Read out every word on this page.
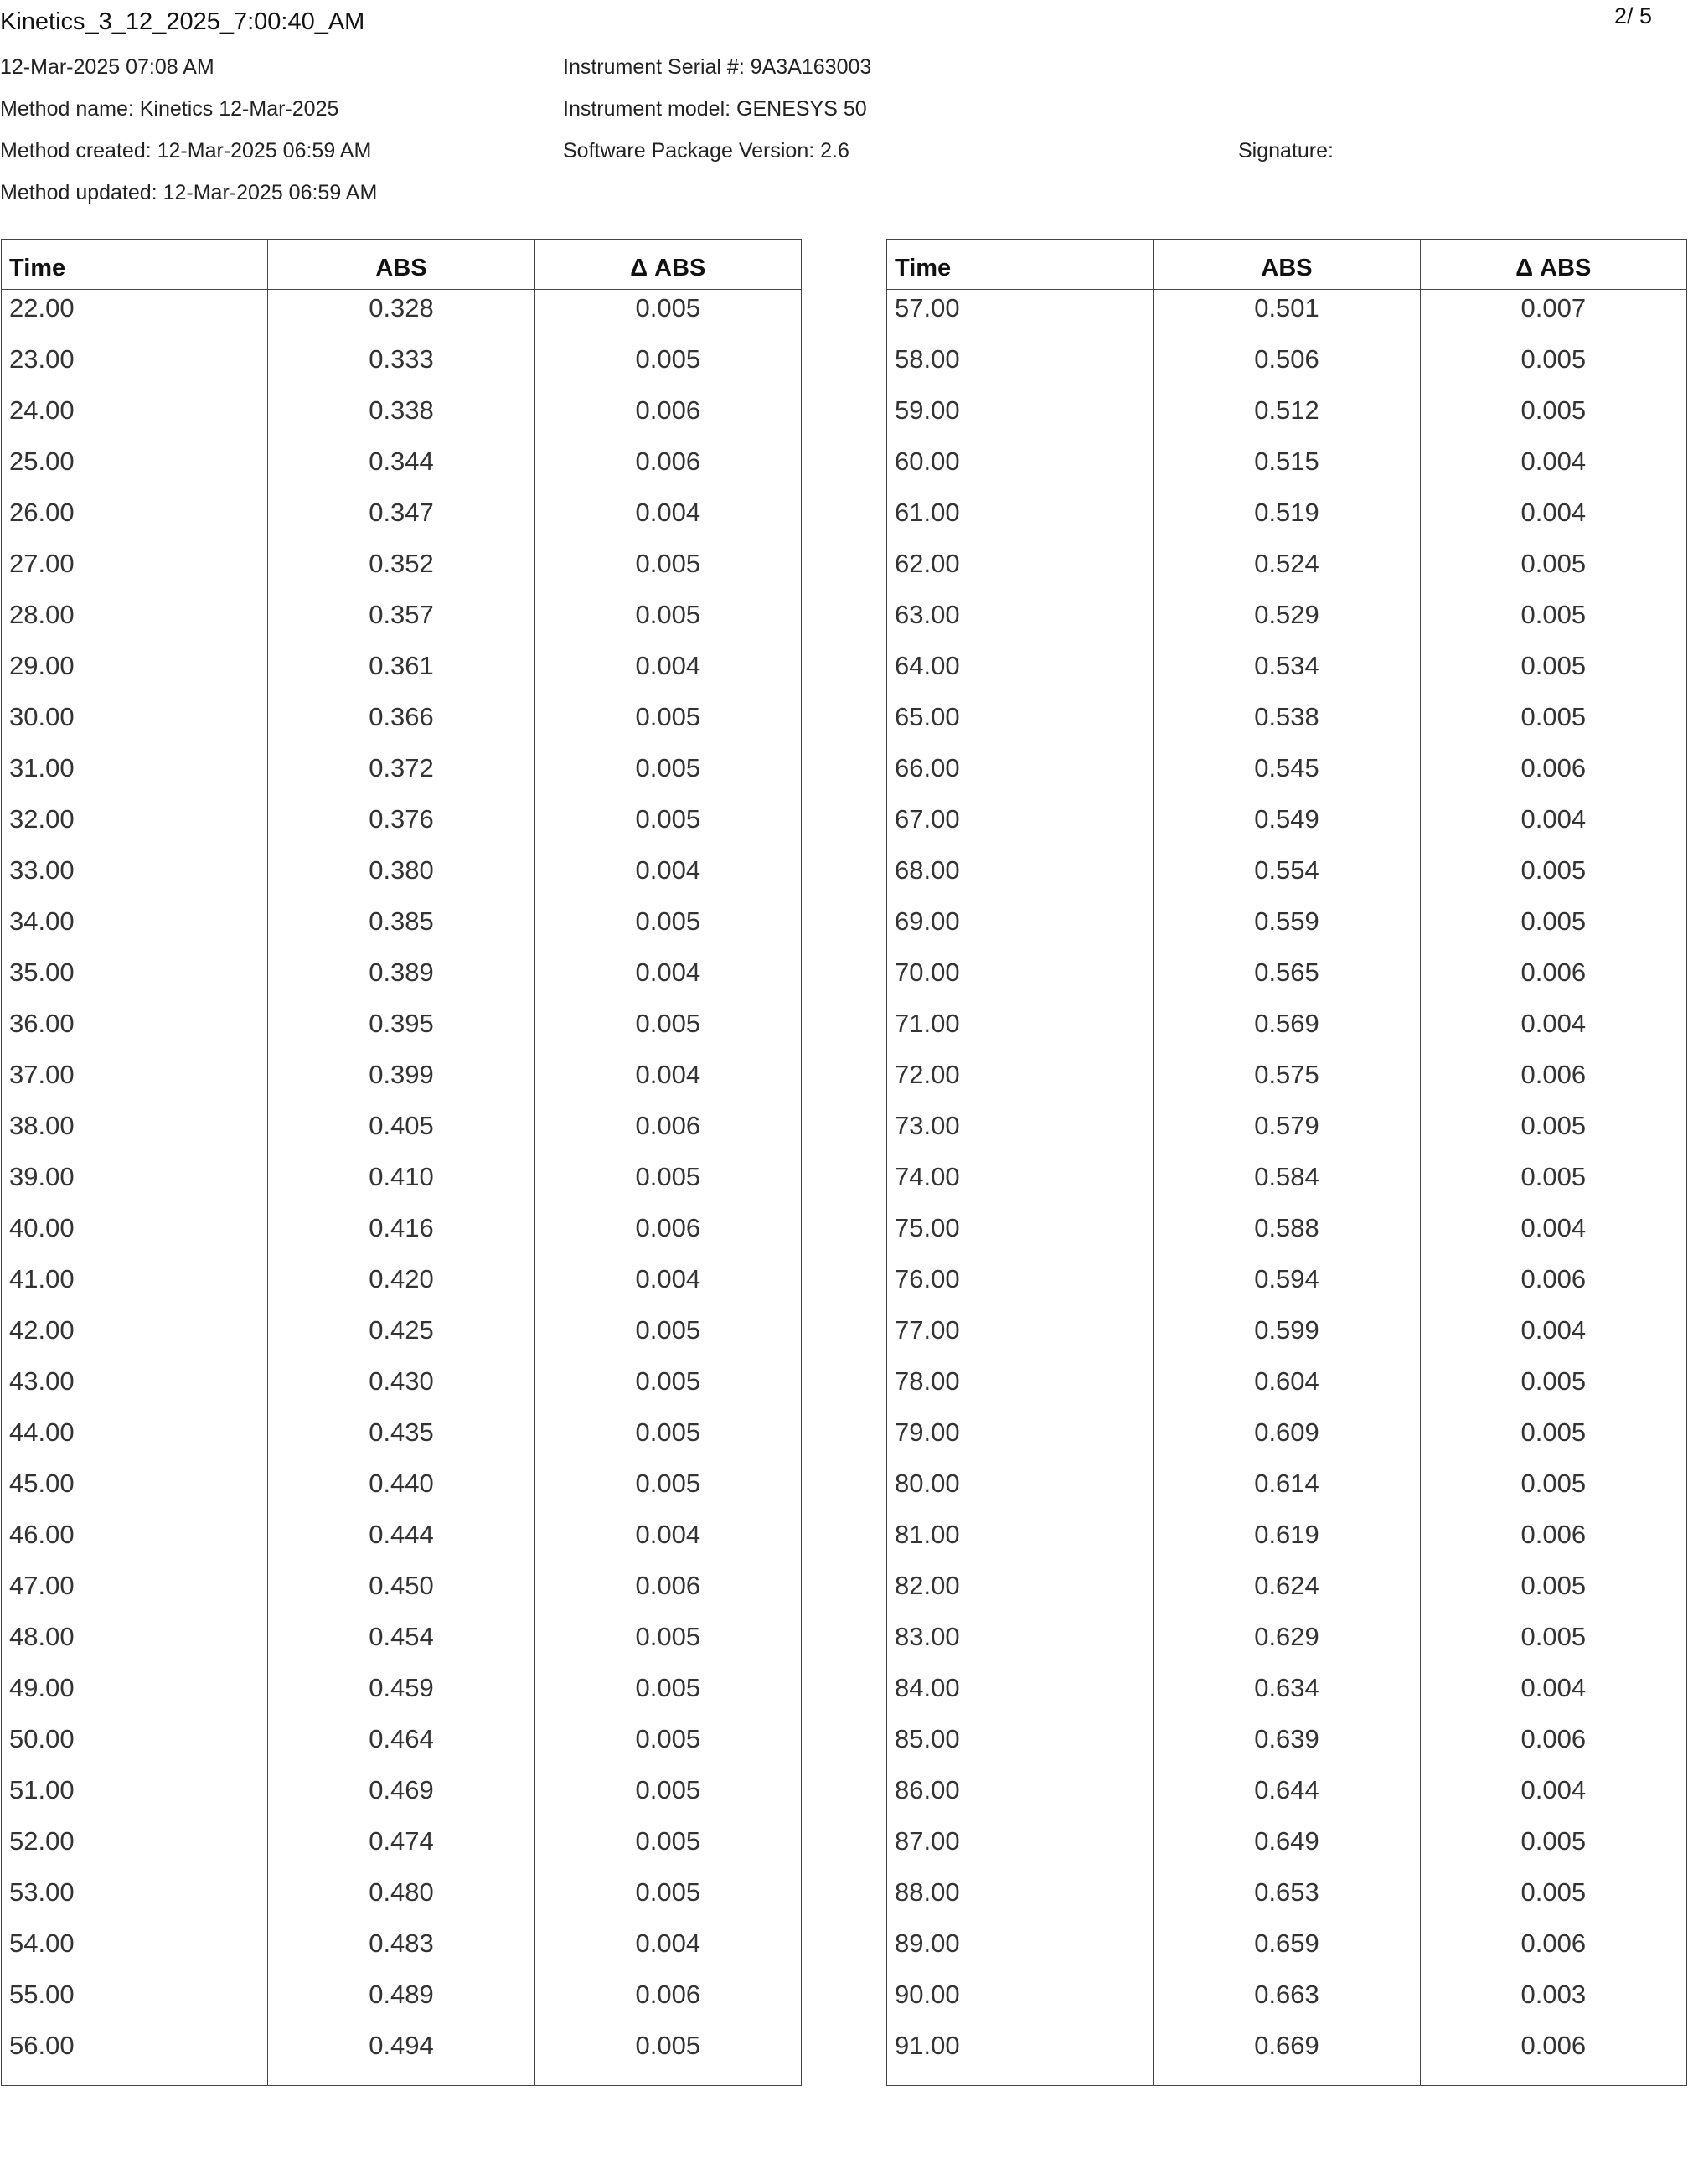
Kinetics_3_12_2025_7:00:40_AM	2/ 5
12-Mar-2025 07:08 AM
Method name: Kinetics 12-Mar-2025
Method created: 12-Mar-2025 06:59 AM
Method updated: 12-Mar-2025 06:59 AM
Instrument Serial #: 9A3A163003
Instrument model: GENESYS 50
Software Package Version: 2.6	Signature:
Time	ABS	Δ ABS
22.00	0.328	0.005
23.00	0.333	0.005
24.00	0.338	0.006
25.00	0.344	0.006
26.00	0.347	0.004
27.00	0.352	0.005
28.00	0.357	0.005
29.00	0.361	0.004
30.00	0.366	0.005
31.00	0.372	0.005
32.00	0.376	0.005
33.00	0.380	0.004
34.00	0.385	0.005
35.00	0.389	0.004
36.00	0.395	0.005
37.00	0.399	0.004
38.00	0.405	0.006
39.00	0.410	0.005
40.00	0.416	0.006
41.00	0.420	0.004
42.00	0.425	0.005
43.00	0.430	0.005
44.00	0.435	0.005
45.00	0.440	0.005
46.00	0.444	0.004
47.00	0.450	0.006
48.00	0.454	0.005
49.00	0.459	0.005
50.00	0.464	0.005
51.00	0.469	0.005
52.00	0.474	0.005
53.00	0.480	0.005
54.00	0.483	0.004
55.00	0.489	0.006
56.00	0.494	0.005
Time	ABS	Δ ABS
57.00	0.501	0.007
58.00	0.506	0.005
59.00	0.512	0.005
60.00	0.515	0.004
61.00	0.519	0.004
62.00	0.524	0.005
63.00	0.529	0.005
64.00	0.534	0.005
65.00	0.538	0.005
66.00	0.545	0.006
67.00	0.549	0.004
68.00	0.554	0.005
69.00	0.559	0.005
70.00	0.565	0.006
71.00	0.569	0.004
72.00	0.575	0.006
73.00	0.579	0.005
74.00	0.584	0.005
75.00	0.588	0.004
76.00	0.594	0.006
77.00	0.599	0.004
78.00	0.604	0.005
79.00	0.609	0.005
80.00	0.614	0.005
81.00	0.619	0.006
82.00	0.624	0.005
83.00	0.629	0.005
84.00	0.634	0.004
85.00	0.639	0.006
86.00	0.644	0.004
87.00	0.649	0.005
88.00	0.653	0.005
89.00	0.659	0.006
90.00	0.663	0.003
91.00	0.669	0.006
